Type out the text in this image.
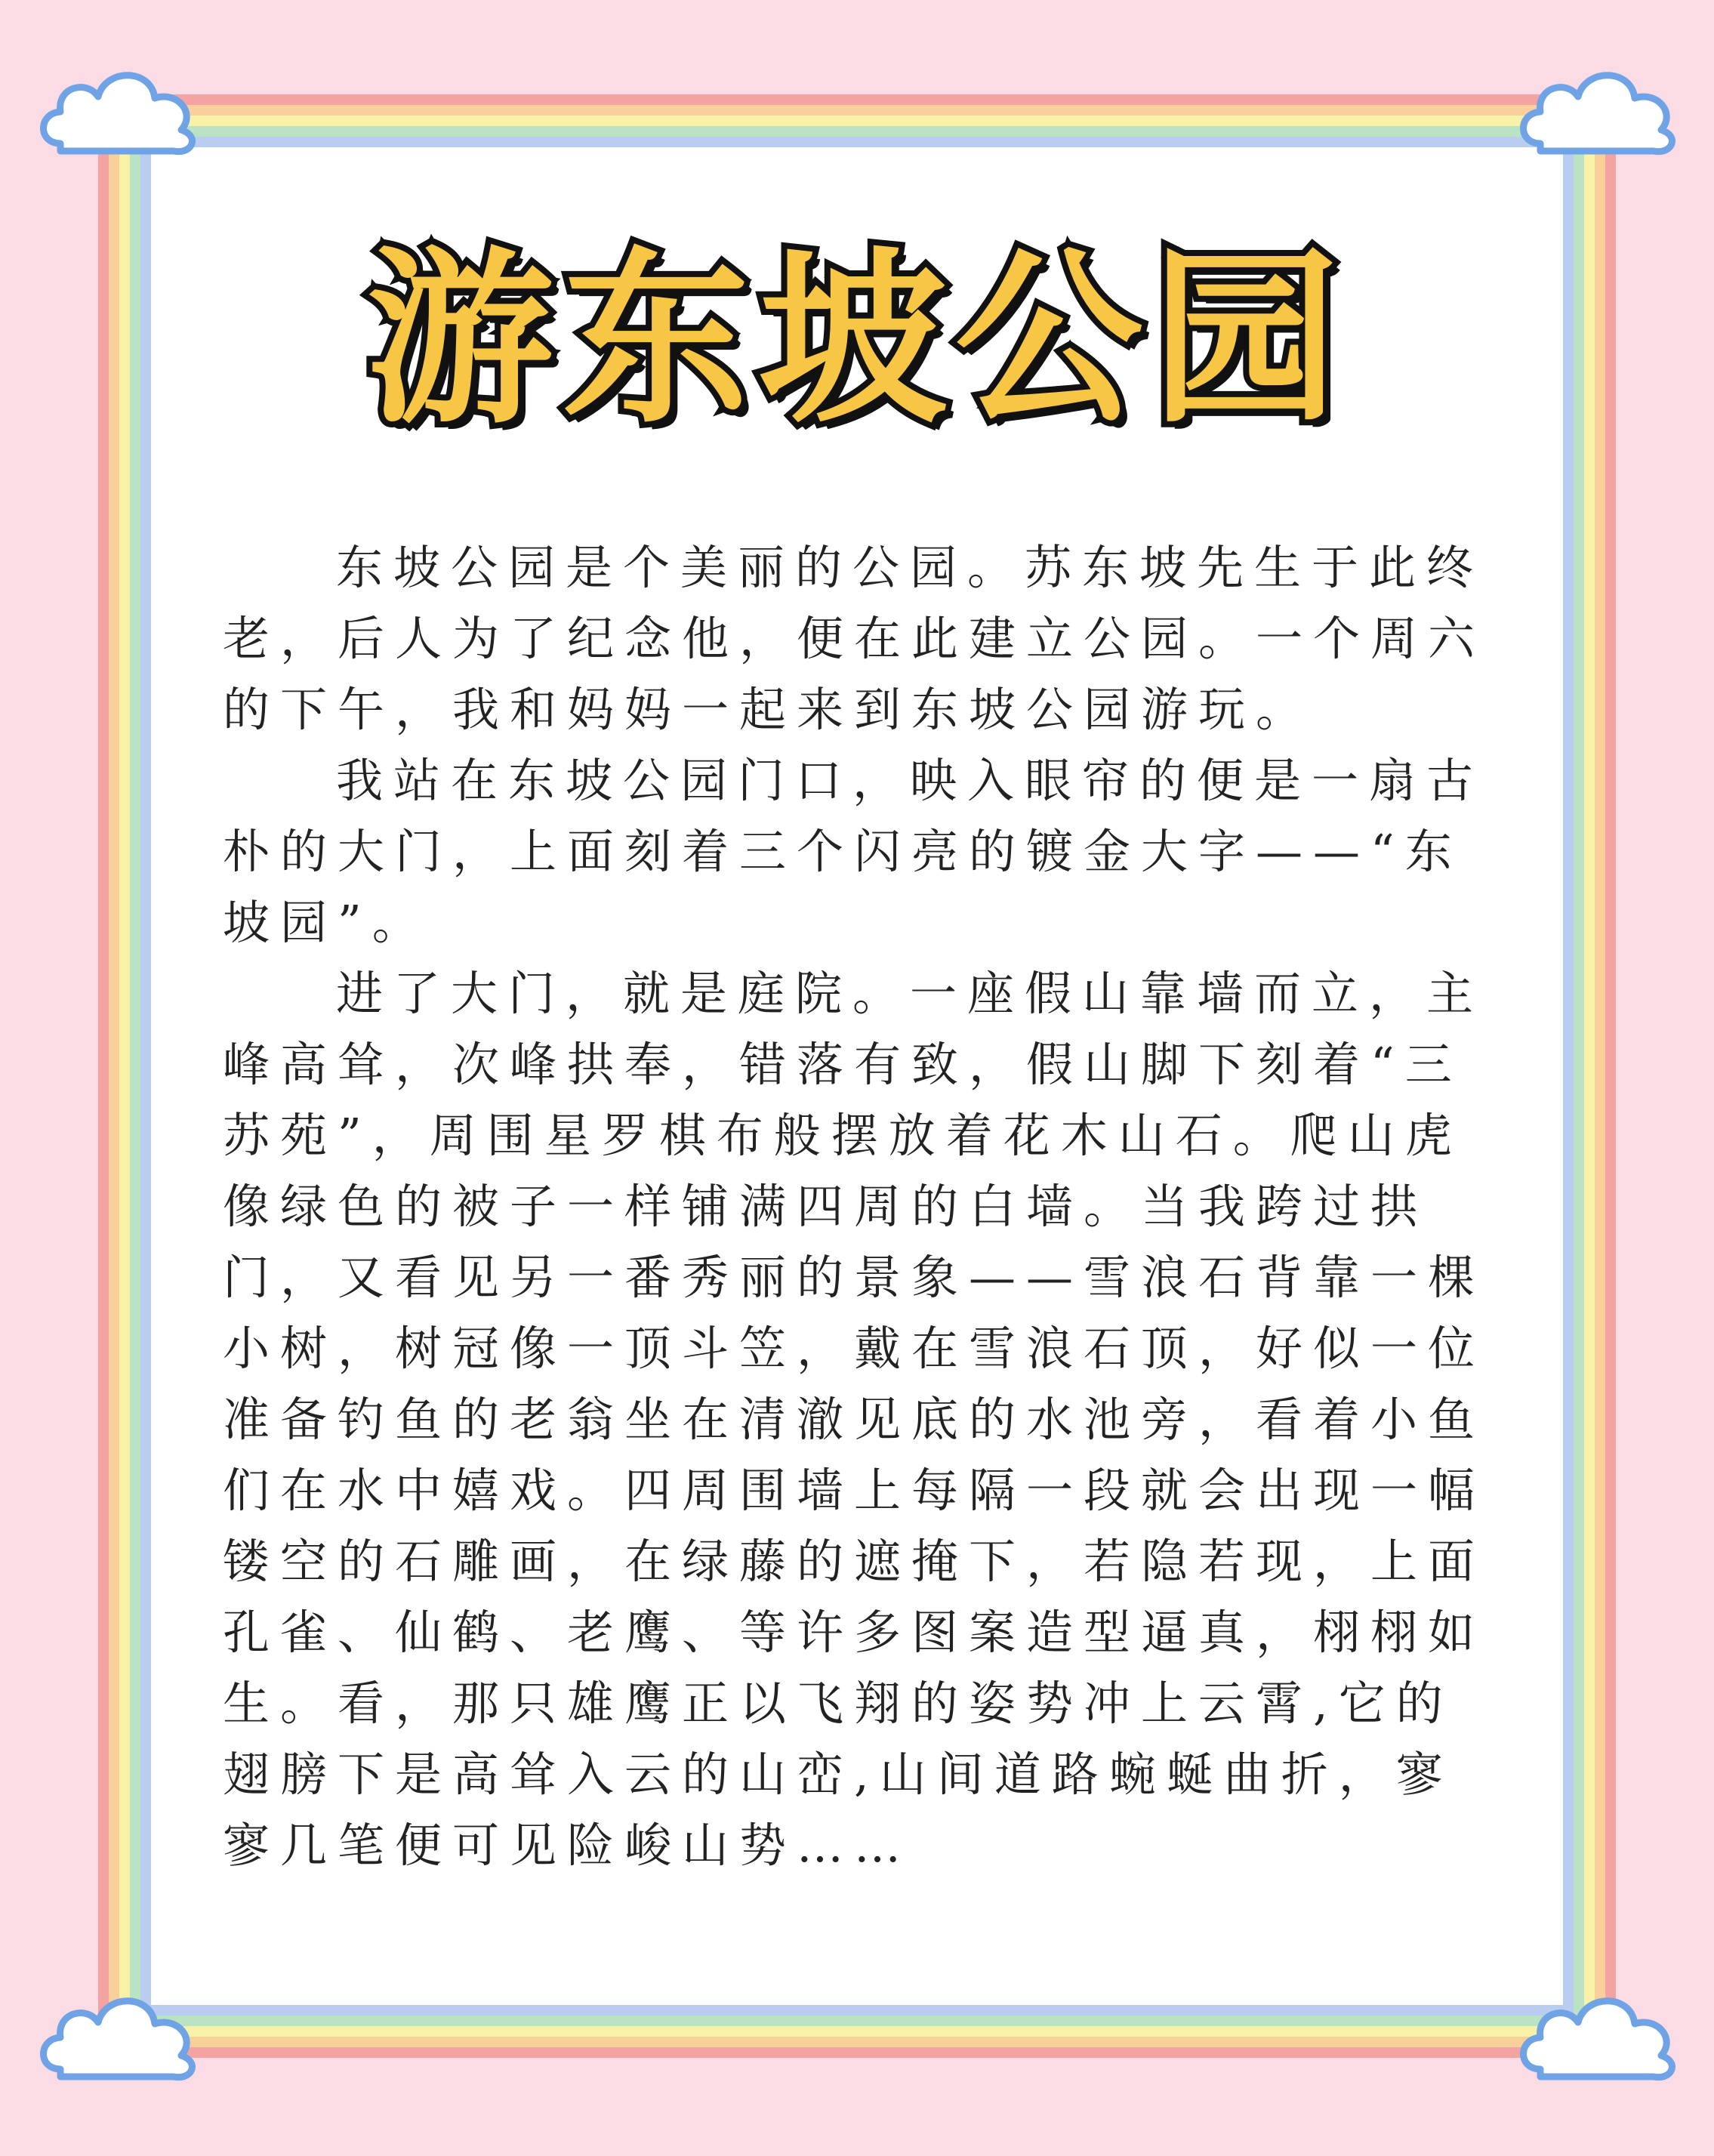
游东坡公园

东坡公园是个美丽的公园。苏东坡先生于此终老，后人为了纪念他，便在此建立公园。一个周六的下午，我和妈妈一起来到东坡公园游玩。

我站在东坡公园门口，映入眼帘的便是一扇古朴的大门，上面刻着三个闪亮的镀金大字——“东坡园”。

进了大门，就是庭院。一座假山靠墙而立，主峰高耸，次峰拱奉，错落有致，假山脚下刻着“三苏苑”，周围星罗棋布般摆放着花木山石。爬山虎像绿色的被子一样铺满四周的白墙。当我跨过拱门，又看见另一番秀丽的景象——雪浪石背靠一棵小树，树冠像一顶斗笠，戴在雪浪石顶，好似一位准备钓鱼的老翁坐在清澈见底的水池旁，看着小鱼们在水中嬉戏。四周围墙上每隔一段就会出现一幅镂空的石雕画，在绿藤的遮掩下，若隐若现，上面孔雀、仙鹤、老鹰、等许多图案造型逼真，栩栩如生。看，那只雄鹰正以飞翔的姿势冲上云霄,它的翅膀下是高耸入云的山峦,山间道路蜿蜒曲折，寥寥几笔便可见险峻山势……
